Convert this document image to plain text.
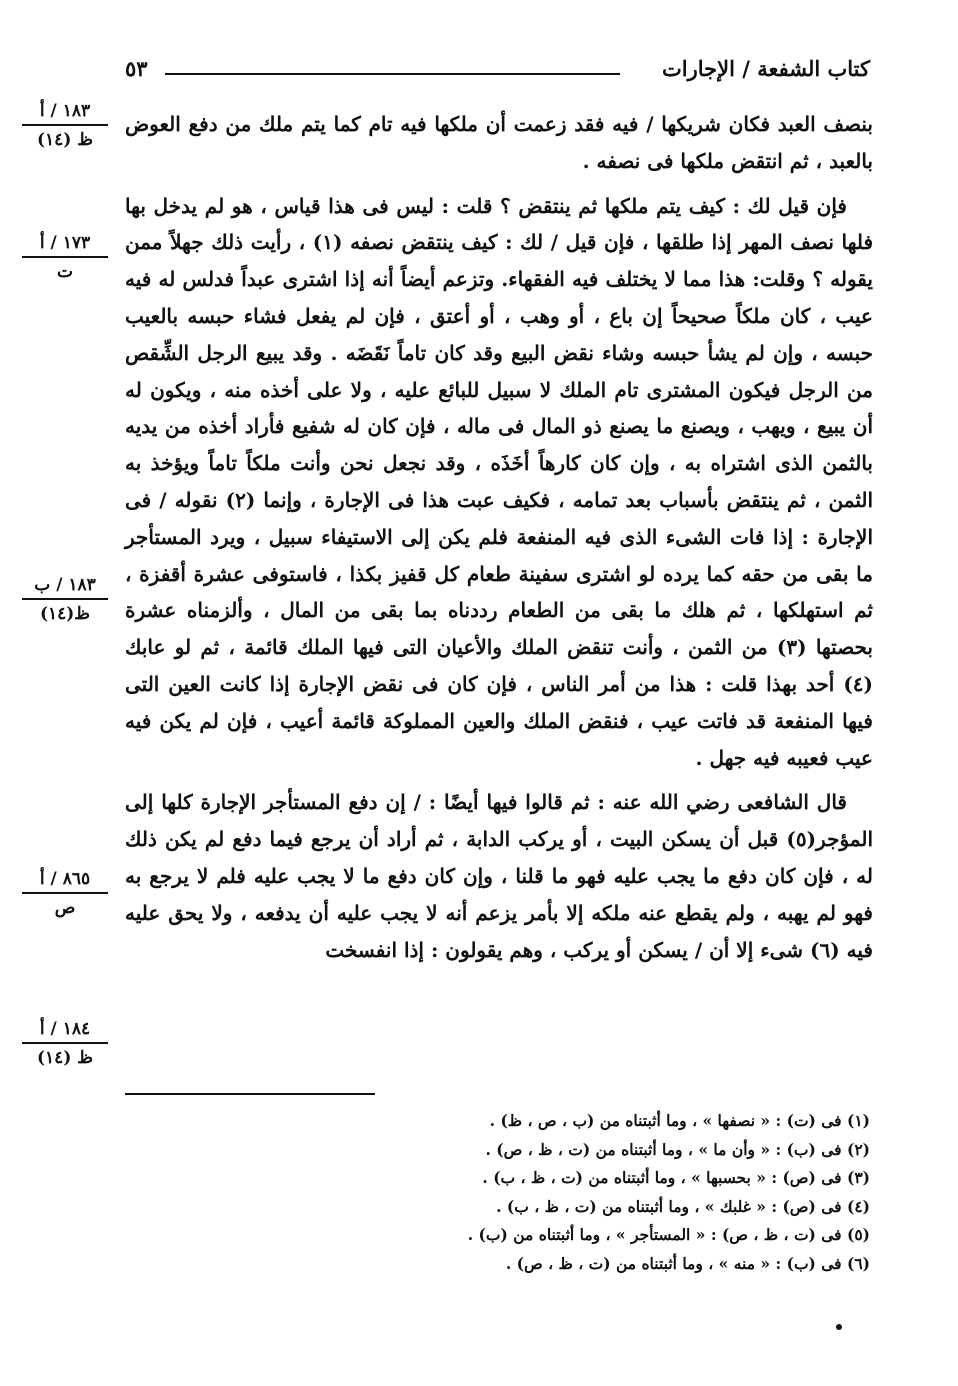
كتاب الشفعة / الإجارات
٥٣
١٨٣ / أ
ظ (١٤)
١٧٣ / أ
ت
١٨٣ / ب
ظ(١٤)
٨٦٥ / أ
ص
١٨٤ / أ
ظ (١٤)

بنصف العبد فكان شريكها / فيه فقد زعمت أن ملكها فيه تام كما يتم ملك من دفع العوض بالعبد ، ثم انتقض ملكها فى نصفه .

فإن قيل لك : كيف يتم ملكها ثم ينتقض ؟ قلت : ليس فى هذا قياس ، هو لم يدخل بها فلها نصف المهر إذا طلقها ، فإن قيل / لك : كيف ينتقض نصفه (١) ، رأيت ذلك جهلاً ممن يقوله ؟ وقلت: هذا مما لا يختلف فيه الفقهاء. وتزعم أيضاً أنه إذا اشترى عبداً فدلس له فيه عيب ، كان ملكاً صحيحاً إن باع ، أو وهب ، أو أعتق ، فإن لم يفعل فشاء حبسه بالعيب حبسه ، وإن لم يشأ حبسه وشاء نقض البيع وقد كان تاماً نَقَضَه . وقد يبيع الرجل الشِّقص من الرجل فيكون المشترى تام الملك لا سبيل للبائع عليه ، ولا على أخذه منه ، ويكون له أن يبيع ، ويهب ، ويصنع ما يصنع ذو المال فى ماله ، فإن كان له شفيع فأراد أخذه من يديه بالثمن الذى اشتراه به ، وإن كان كارهاً أخَذَه ، وقد نجعل نحن وأنت ملكاً تاماً ويؤخذ به الثمن ، ثم ينتقض بأسباب بعد تمامه ، فكيف عبت هذا فى الإجارة ، وإنما (٢) نقوله / فى الإجارة : إذا فات الشىء الذى فيه المنفعة فلم يكن إلى الاستيفاء سبيل ، ويرد المستأجر ما بقى من حقه كما يرده لو اشترى سفينة طعام كل قفيز بكذا ، فاستوفى عشرة أقفزة ، ثم استهلكها ، ثم هلك ما بقى من الطعام رددناه بما بقى من المال ، وألزمناه عشرة بحصتها (٣) من الثمن ، وأنت تنقض الملك والأعيان التى فيها الملك قائمة ، ثم لو عابك (٤) أحد بهذا قلت : هذا من أمر الناس ، فإن كان فى نقض الإجارة إذا كانت العين التى فيها المنفعة قد فاتت عيب ، فنقض الملك والعين المملوكة قائمة أعيب ، فإن لم يكن فيه عيب فعيبه فيه جهل .

قال الشافعى رضي الله عنه : ثم قالوا فيها أيضًا : / إن دفع المستأجر الإجارة كلها إلى المؤجر(٥) قبل أن يسكن البيت ، أو يركب الدابة ، ثم أراد أن يرجع فيما دفع لم يكن ذلك له ، فإن كان دفع ما يجب عليه فهو ما قلنا ، وإن كان دفع ما لا يجب عليه فلم لا يرجع به فهو لم يهبه ، ولم يقطع عنه ملكه إلا بأمر يزعم أنه لا يجب عليه أن يدفعه ، ولا يحق عليه فيه (٦) شىء إلا أن / يسكن أو يركب ، وهم يقولون : إذا انفسخت

(١) فى (ت) : « نصفها » ، وما أثبتناه من (ب ، ص ، ظ) .
(٢) فى (ب) : « وأن ما » ، وما أثبتناه من (ت ، ظ ، ص) .
(٣) فى (ص) : « بحسبها » ، وما أثبتناه من (ت ، ظ ، ب) .
(٤) فى (ص) : « غلبك » ، وما أثبتناه من (ت ، ظ ، ب) .
(٥) فى (ت ، ظ ، ص) : « المستأجر » ، وما أثبتناه من (ب) .
(٦) فى (ب) : « منه » ، وما أثبتناه من (ت ، ظ ، ص) .
